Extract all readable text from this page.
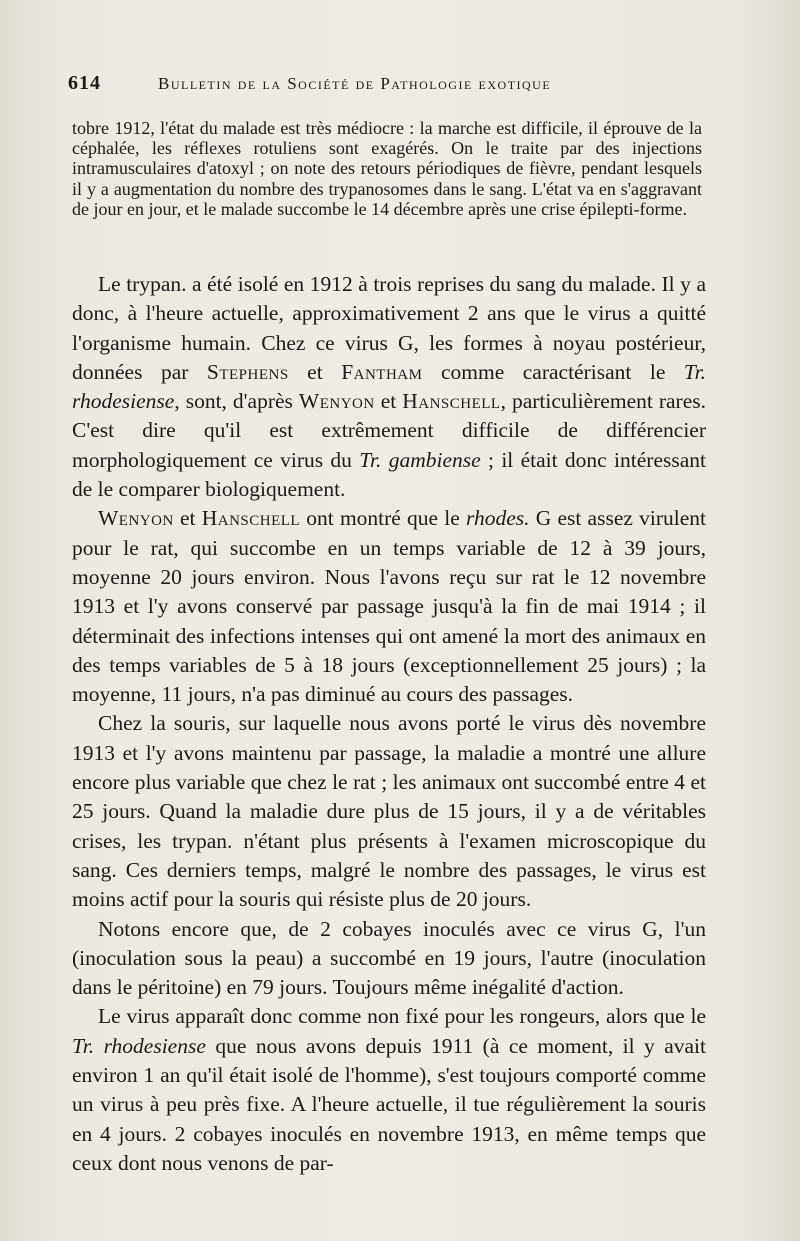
614	Bulletin de la Société de Pathologie exotique
tobre 1912, l'état du malade est très médiocre : la marche est difficile, il éprouve de la céphalée, les réflexes rotuliens sont exagérés. On le traite par des injections intramusculaires d'atoxyl ; on note des retours périodiques de fièvre, pendant lesquels il y a augmentation du nombre des trypanosomes dans le sang. L'état va en s'aggravant de jour en jour, et le malade succombe le 14 décembre après une crise épilepti-forme.

Le trypan. a été isolé en 1912 à trois reprises du sang du malade. Il y a donc, à l'heure actuelle, approximativement 2 ans que le virus a quitté l'organisme humain. Chez ce virus G, les formes à noyau postérieur, données par Stephens et Fantham comme caractérisant le Tr. rhodesiense, sont, d'après Wenyon et Hanschell, particulièrement rares. C'est dire qu'il est extrêmement difficile de différencier morphologiquement ce virus du Tr. gambiense ; il était donc intéressant de le comparer biologiquement.

Wenyon et Hanschell ont montré que le rhodes. G est assez virulent pour le rat, qui succombe en un temps variable de 12 à 39 jours, moyenne 20 jours environ. Nous l'avons reçu sur rat le 12 novembre 1913 et l'y avons conservé par passage jusqu'à la fin de mai 1914 ; il déterminait des infections intenses qui ont amené la mort des animaux en des temps variables de 5 à 18 jours (exceptionnellement 25 jours) ; la moyenne, 11 jours, n'a pas diminué au cours des passages.

Chez la souris, sur laquelle nous avons porté le virus dès novembre 1913 et l'y avons maintenu par passage, la maladie a montré une allure encore plus variable que chez le rat ; les animaux ont succombé entre 4 et 25 jours. Quand la maladie dure plus de 15 jours, il y a de véritables crises, les trypan. n'étant plus présents à l'examen microscopique du sang. Ces derniers temps, malgré le nombre des passages, le virus est moins actif pour la souris qui résiste plus de 20 jours.

Notons encore que, de 2 cobayes inoculés avec ce virus G, l'un (inoculation sous la peau) a succombé en 19 jours, l'autre (inoculation dans le péritoine) en 79 jours. Toujours même inégalité d'action.

Le virus apparaît donc comme non fixé pour les rongeurs, alors que le Tr. rhodesiense que nous avons depuis 1911 (à ce moment, il y avait environ 1 an qu'il était isolé de l'homme), s'est toujours comporté comme un virus à peu près fixe. A l'heure actuelle, il tue régulièrement la souris en 4 jours. 2 cobayes inoculés en novembre 1913, en même temps que ceux dont nous venons de par-
